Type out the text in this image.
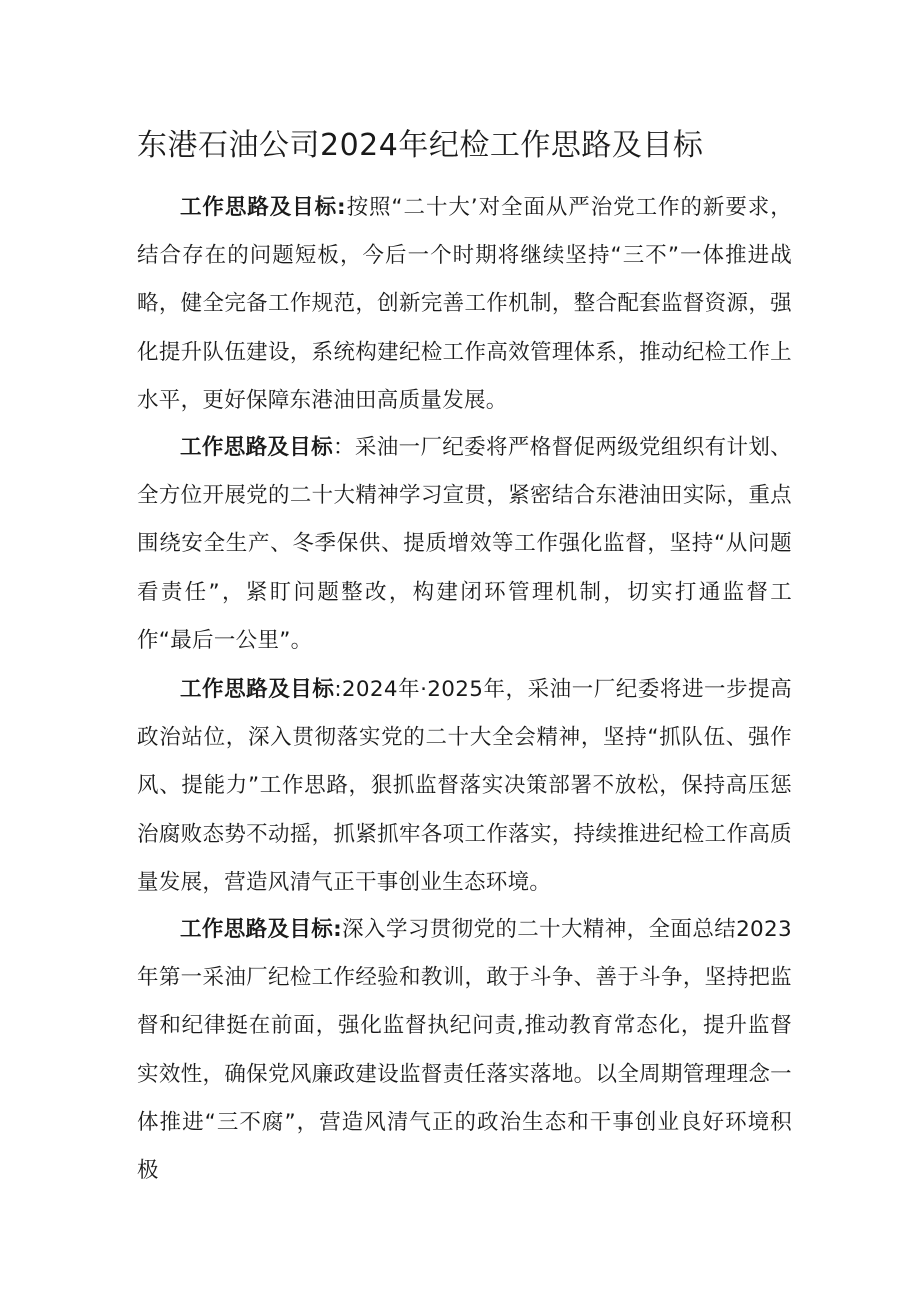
东港石油公司2024年纪检工作思路及目标

工作思路及目标:按照“二十大’对全面从严治党工作的新要求，结合存在的问题短板，今后一个时期将继续坚持“三不”一体推进战略，健全完备工作规范，创新完善工作机制，整合配套监督资源，强化提升队伍建设，系统构建纪检工作高效管理体系，推动纪检工作上水平，更好保障东港油田高质量发展。

工作思路及目标：采油一厂纪委将严格督促两级党组织有计划、全方位开展党的二十大精神学习宣贯，紧密结合东港油田实际，重点围绕安全生产、冬季保供、提质增效等工作强化监督，坚持“从问题看责任”，紧盯问题整改，构建闭环管理机制，切实打通监督工作“最后一公里”。

工作思路及目标:2024年·2025年，采油一厂纪委将进一步提高政治站位，深入贯彻落实党的二十大全会精神，坚持“抓队伍、强作风、提能力”工作思路，狠抓监督落实决策部署不放松，保持高压惩治腐败态势不动摇，抓紧抓牢各项工作落实，持续推进纪检工作高质量发展，营造风清气正干事创业生态环境。

工作思路及目标:深入学习贯彻党的二十大精神，全面总结2023年第一采油厂纪检工作经验和教训，敢于斗争、善于斗争，坚持把监督和纪律挺在前面，强化监督执纪问责,推动教育常态化，提升监督实效性，确保党风廉政建设监督责任落实落地。以全周期管理理念一体推进“三不腐”，营造风清气正的政治生态和干事创业良好环境积极
